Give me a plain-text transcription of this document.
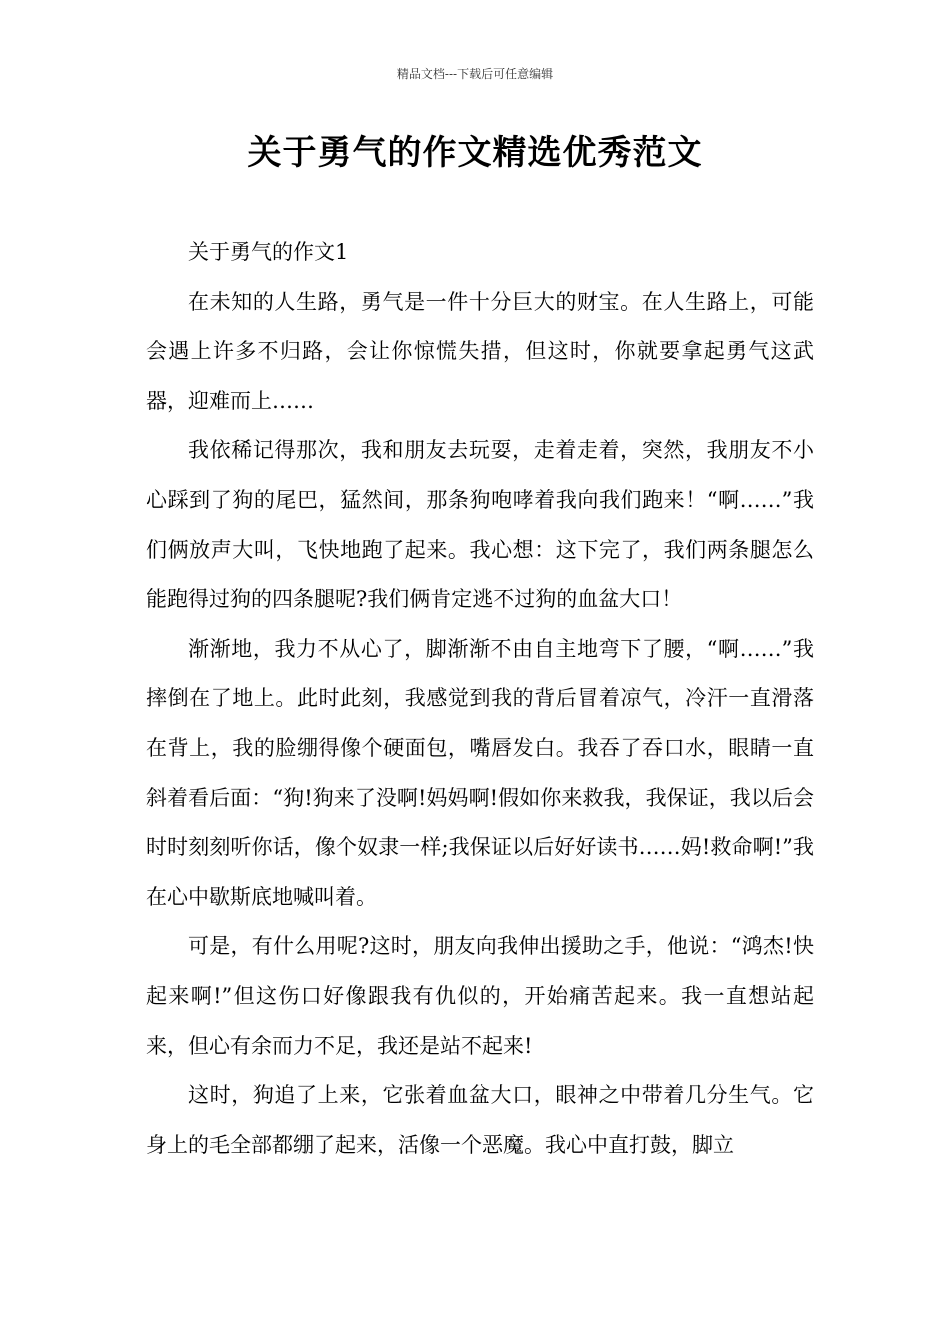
精品文档---下载后可任意编辑
关于勇气的作文精选优秀范文

关于勇气的作文1

在未知的人生路，勇气是一件十分巨大的财宝。在人生路上，可能会遇上许多不归路，会让你惊慌失措，但这时，你就要拿起勇气这武器，迎难而上……

我依稀记得那次，我和朋友去玩耍，走着走着，突然，我朋友不小心踩到了狗的尾巴，猛然间，那条狗咆哮着我向我们跑来！“啊……”我们俩放声大叫，飞快地跑了起来。我心想：这下完了，我们两条腿怎么能跑得过狗的四条腿呢?我们俩肯定逃不过狗的血盆大口！

渐渐地，我力不从心了，脚渐渐不由自主地弯下了腰，“啊……”我摔倒在了地上。此时此刻，我感觉到我的背后冒着凉气，冷汗一直滑落在背上，我的脸绷得像个硬面包，嘴唇发白。我吞了吞口水，眼睛一直斜着看后面：“狗!狗来了没啊!妈妈啊!假如你来救我，我保证，我以后会时时刻刻听你话，像个奴隶一样;我保证以后好好读书……妈!救命啊!”我在心中歇斯底地喊叫着。

可是，有什么用呢?这时，朋友向我伸出援助之手，他说：“鸿杰!快起来啊!”但这伤口好像跟我有仇似的，开始痛苦起来。我一直想站起来，但心有余而力不足，我还是站不起来!

这时，狗追了上来，它张着血盆大口，眼神之中带着几分生气。它身上的毛全部都绷了起来，活像一个恶魔。我心中直打鼓，脚立
